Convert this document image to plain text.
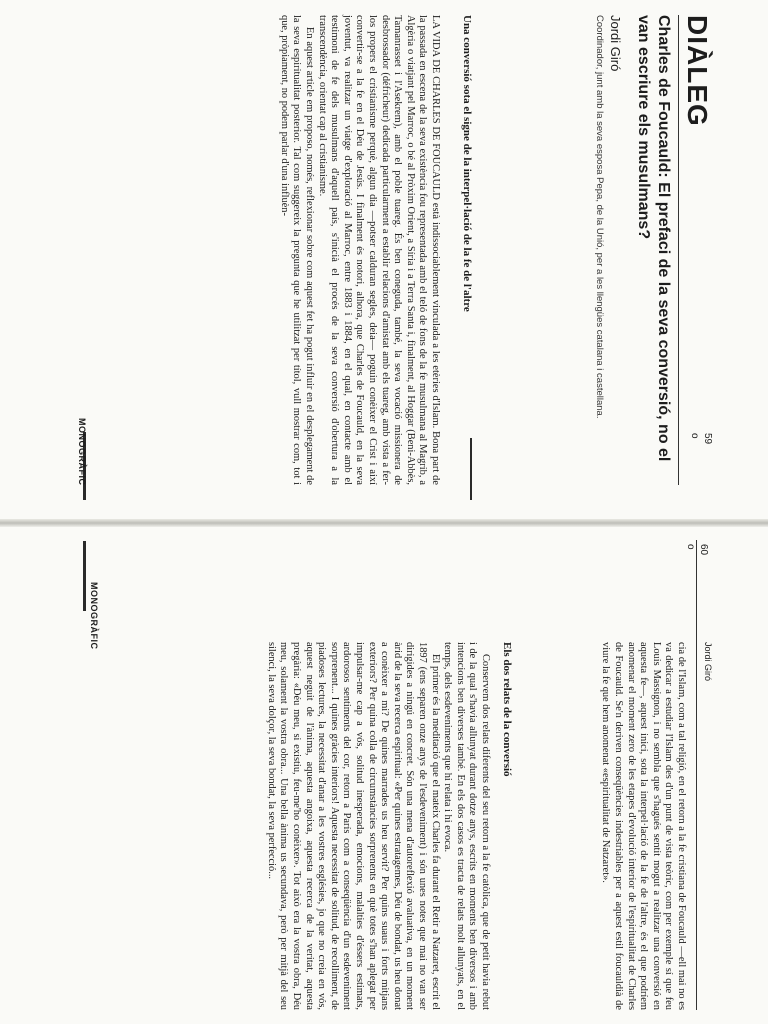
DIÀLEG
59
o
Charles de Foucauld: El prefaci de la seva conversió, no el van escriure els musulmans?
Jordi Giró
Coordinador, junt amb la seva esposa Pepa, de la Unió, per a les llengües catalana i castellana.
Una conversió sota el signe de la interpel·lació de la fe de l'altre

LA VIDA DE CHARLES DE FOUCAULD està indissociablement vinculada a les etèries d'Islam. Bona part de la passada en escena de la seva existència fou representada amb el teló de fons de la fe musulmana al Magrib, a Algèria o viatjant pel Marroc, o bé al Pròxim Orient, a Síria i a Terra Santa i, finalment, al Hoggar (Beni-Abbès, Tamanrasset i l'Asekrem), amb el poble tuareg. És ben coneguda, també, la seva vocació missionera de desbrossador (défricheur) dedicada particularment a establir relacions d'amistat amb els tuareg, amb vista a fer-los propers el cristianisme perquè, algun dia —potser calduran segles, deia— poguin conèixer el Crist i així convertir-se a la fe en el Déu de Jesús. I finalment és notori, alhora, que Charles de Foucauld, en la seva joventut, va realitzar un viatge d'exploració al Marroc, entre 1883 i 1884, en el qual, en contacte amb el testimoni de fe dels musulmans d'aquell país, s'inicià el procés de la seva conversió d'obertura a la transcendència, orientat cap al cristianisme.

En aquest article em proposo, només, reflexionar sobre com aquest fet ha pogut influir en el desplegament de la seva espiritualitat posterior. Tal com suggereix la pregunta que he utilitzat per títol, vull mostrar com, tot i que, pròpiament, no podem parlar d'una influèn-

MONOGRÀFIC
Jordi Giró
60
o

cia de l'Islam, com a tal religió, en el retorn a la fe cristiana de Foucauld —ell mai no es va dedicar a estudiar l'Islam des d'un punt de vista teòric, com per exemple sí que feu Louis Massignon, i no sembla que s'hagués sentit mogut a realitzar una conversió en aquesta fe—, aquest inici, sota la interpel·lació de la fe de l'altre, és el que podríem anomenar el moment zero de les etapes d'evolució interior de l'espiritualitat de Charles de Foucauld. Se'n deriven conseqüències indestriables per a aquest estil foucauldià de viure la fe que hem anomenat «espiritualitat de Natzaret».

Els dos relats de la conversió

Conservem dos relats diferents del seu retorn a la fe catòlica, que de petit havia rebut i de la qual s'havia allunyat durant dotze anys, escrits en moments ben diversos i amb intencions ben diverses també. En els dos casos es tracta de relats molt allunyats, en el temps, dels esdeveniments que hi relata i hi evoca.

El primer és la meditació que el mateix Charles fa durant el Retir a Natzaret, escrit el 1897 (ens separen onze anys de l'esdeveniment) i són unes notes que mai no van ser dirigides a ningú en concret. Són una mena d'autoreflexió avaluativa, en un moment àrid de la seva recerca espiritual: «Per quines estratagemes, Déu de bondat, us heu donat a conèixer a mi? De quines marrades us heu servit? Per quins suaus i forts mitjans exteriors? Per quina colla de circumstàncies sorprenents en què totes s'han aplegat per impulsar-me cap a vós, solitud inesperada, emocions, malalties d'éssers estimats, ardorosos sentiments del cor, retorn a París com a conseqüència d'un esdeveniment sorprenent... I quines gràcies interiors! Aquesta necessitat de solitud, de recolliment, de piadoses lectures, la necessitat d'anar a les vostres esglésies, jo que no creia en vós, aquest neguit de l'ànima, aquesta angoixa, aquesta recerca de la veritat, aquesta pregària: «Déu meu, si existiu, feu-me'ho conèixer». Tot això era la vostra obra, Déu meu, solament la vostra obra... Una bella ànima us secundava, però per mitjà del seu silenci, la seva dolçor, la seva bondat, la seva perfecció...

MONOGRÀFIC
